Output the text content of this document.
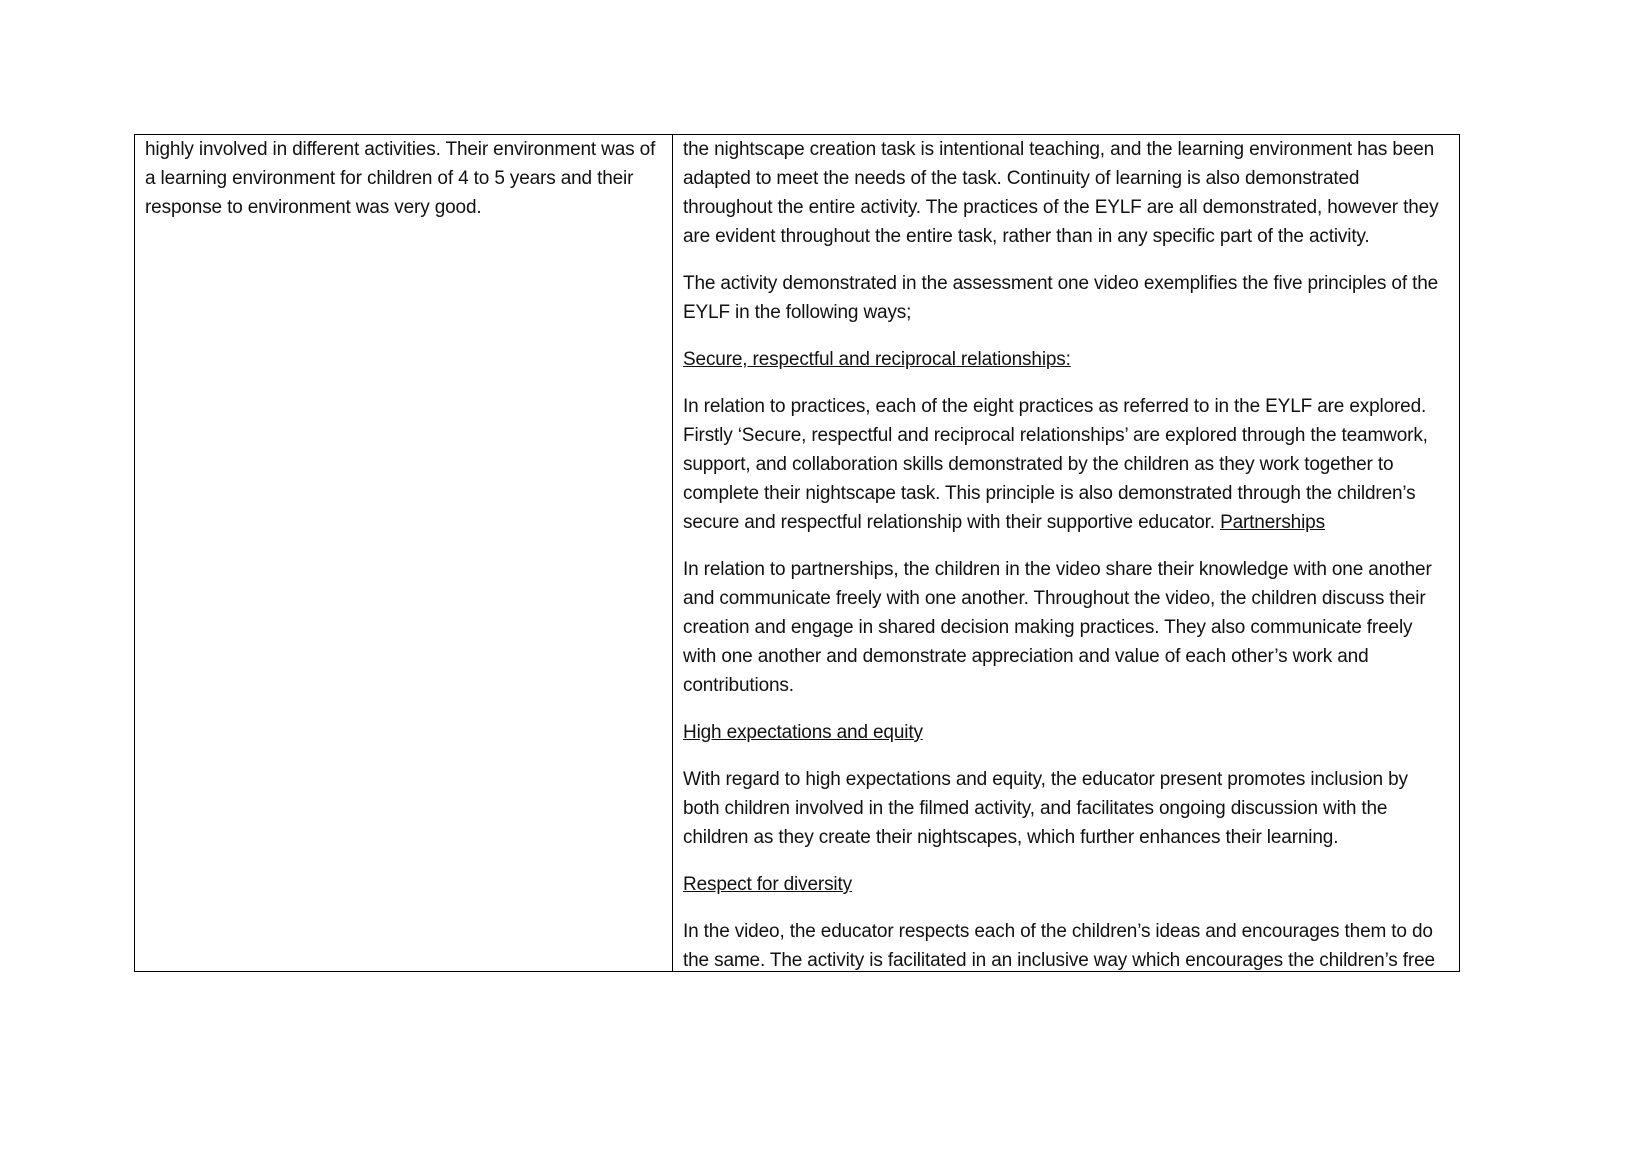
highly involved in different activities. Their environment was of a learning environment for children of 4 to 5 years and their response to environment was very good.

the nightscape creation task is intentional teaching, and the learning environment has been adapted to meet the needs of the task. Continuity of learning is also demonstrated throughout the entire activity. The practices of the EYLF are all demonstrated, however they are evident throughout the entire task, rather than in any specific part of the activity.

The activity demonstrated in the assessment one video exemplifies the five principles of the EYLF in the following ways;

Secure, respectful and reciprocal relationships:

In relation to practices, each of the eight practices as referred to in the EYLF are explored. Firstly ‘Secure, respectful and reciprocal relationships’ are explored through the teamwork, support, and collaboration skills demonstrated by the children as they work together to complete their nightscape task. This principle is also demonstrated through the children’s secure and respectful relationship with their supportive educator. Partnerships

In relation to partnerships, the children in the video share their knowledge with one another and communicate freely with one another. Throughout the video, the children discuss their creation and engage in shared decision making practices. They also communicate freely with one another and demonstrate appreciation and value of each other’s work and contributions.

High expectations and equity

With regard to high expectations and equity, the educator present promotes inclusion by both children involved in the filmed activity, and facilitates ongoing discussion with the children as they create their nightscapes, which further enhances their learning.

Respect for diversity

In the video, the educator respects each of the children’s ideas and encourages them to do the same. The activity is facilitated in an inclusive way which encourages the children’s free
